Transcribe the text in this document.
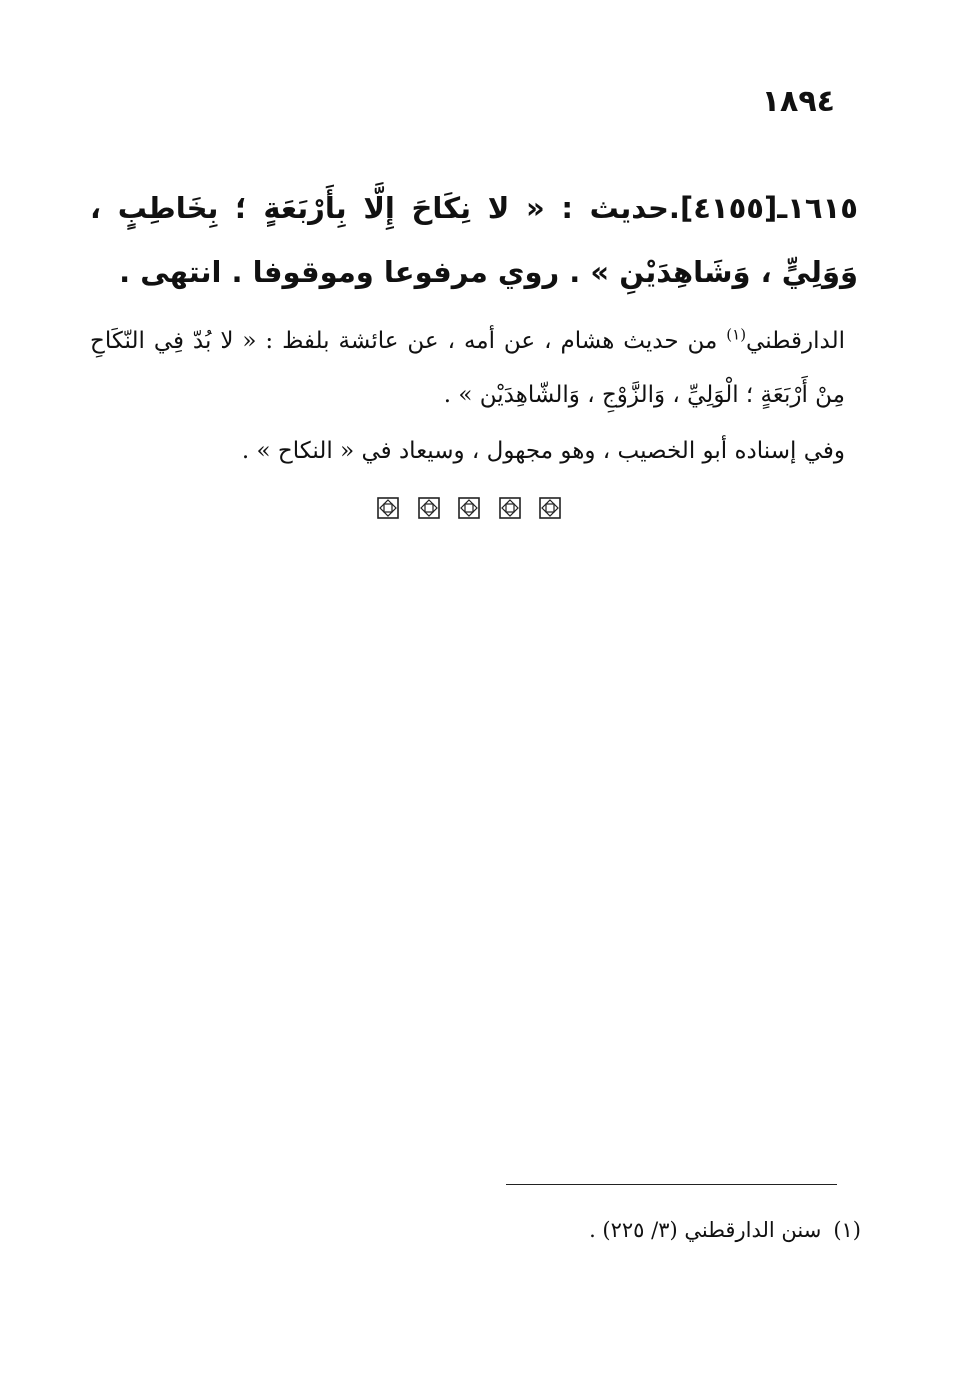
١٨٩٤
١٦١٥ـ[٤١٥٥].حديث : « لا نِكَاحَ إِلَّا بِأَرْبَعَةٍ ؛ بِخَاطِبٍ ، وَوَلِيٍّ ، وَشَاهِدَيْنِ » . روي مرفوعا وموقوفا . انتهى .
الدارقطني$^{(١)}$ من حديث هشام ، عن أمه ، عن عائشة بلفظ : « لا بُدّ فِي النّكَاحِ مِنْ أَرْبَعَةٍ ؛ الْوَلِيِّ ، وَالزَّوْجِ ، وَالشّاهِدَيْن » .
وفي إسناده أبو الخصيب ، وهو مجهول ، وسيعاد في « النكاح » .
(١)سنن الدارقطني (٣/ ٢٢٥) .
